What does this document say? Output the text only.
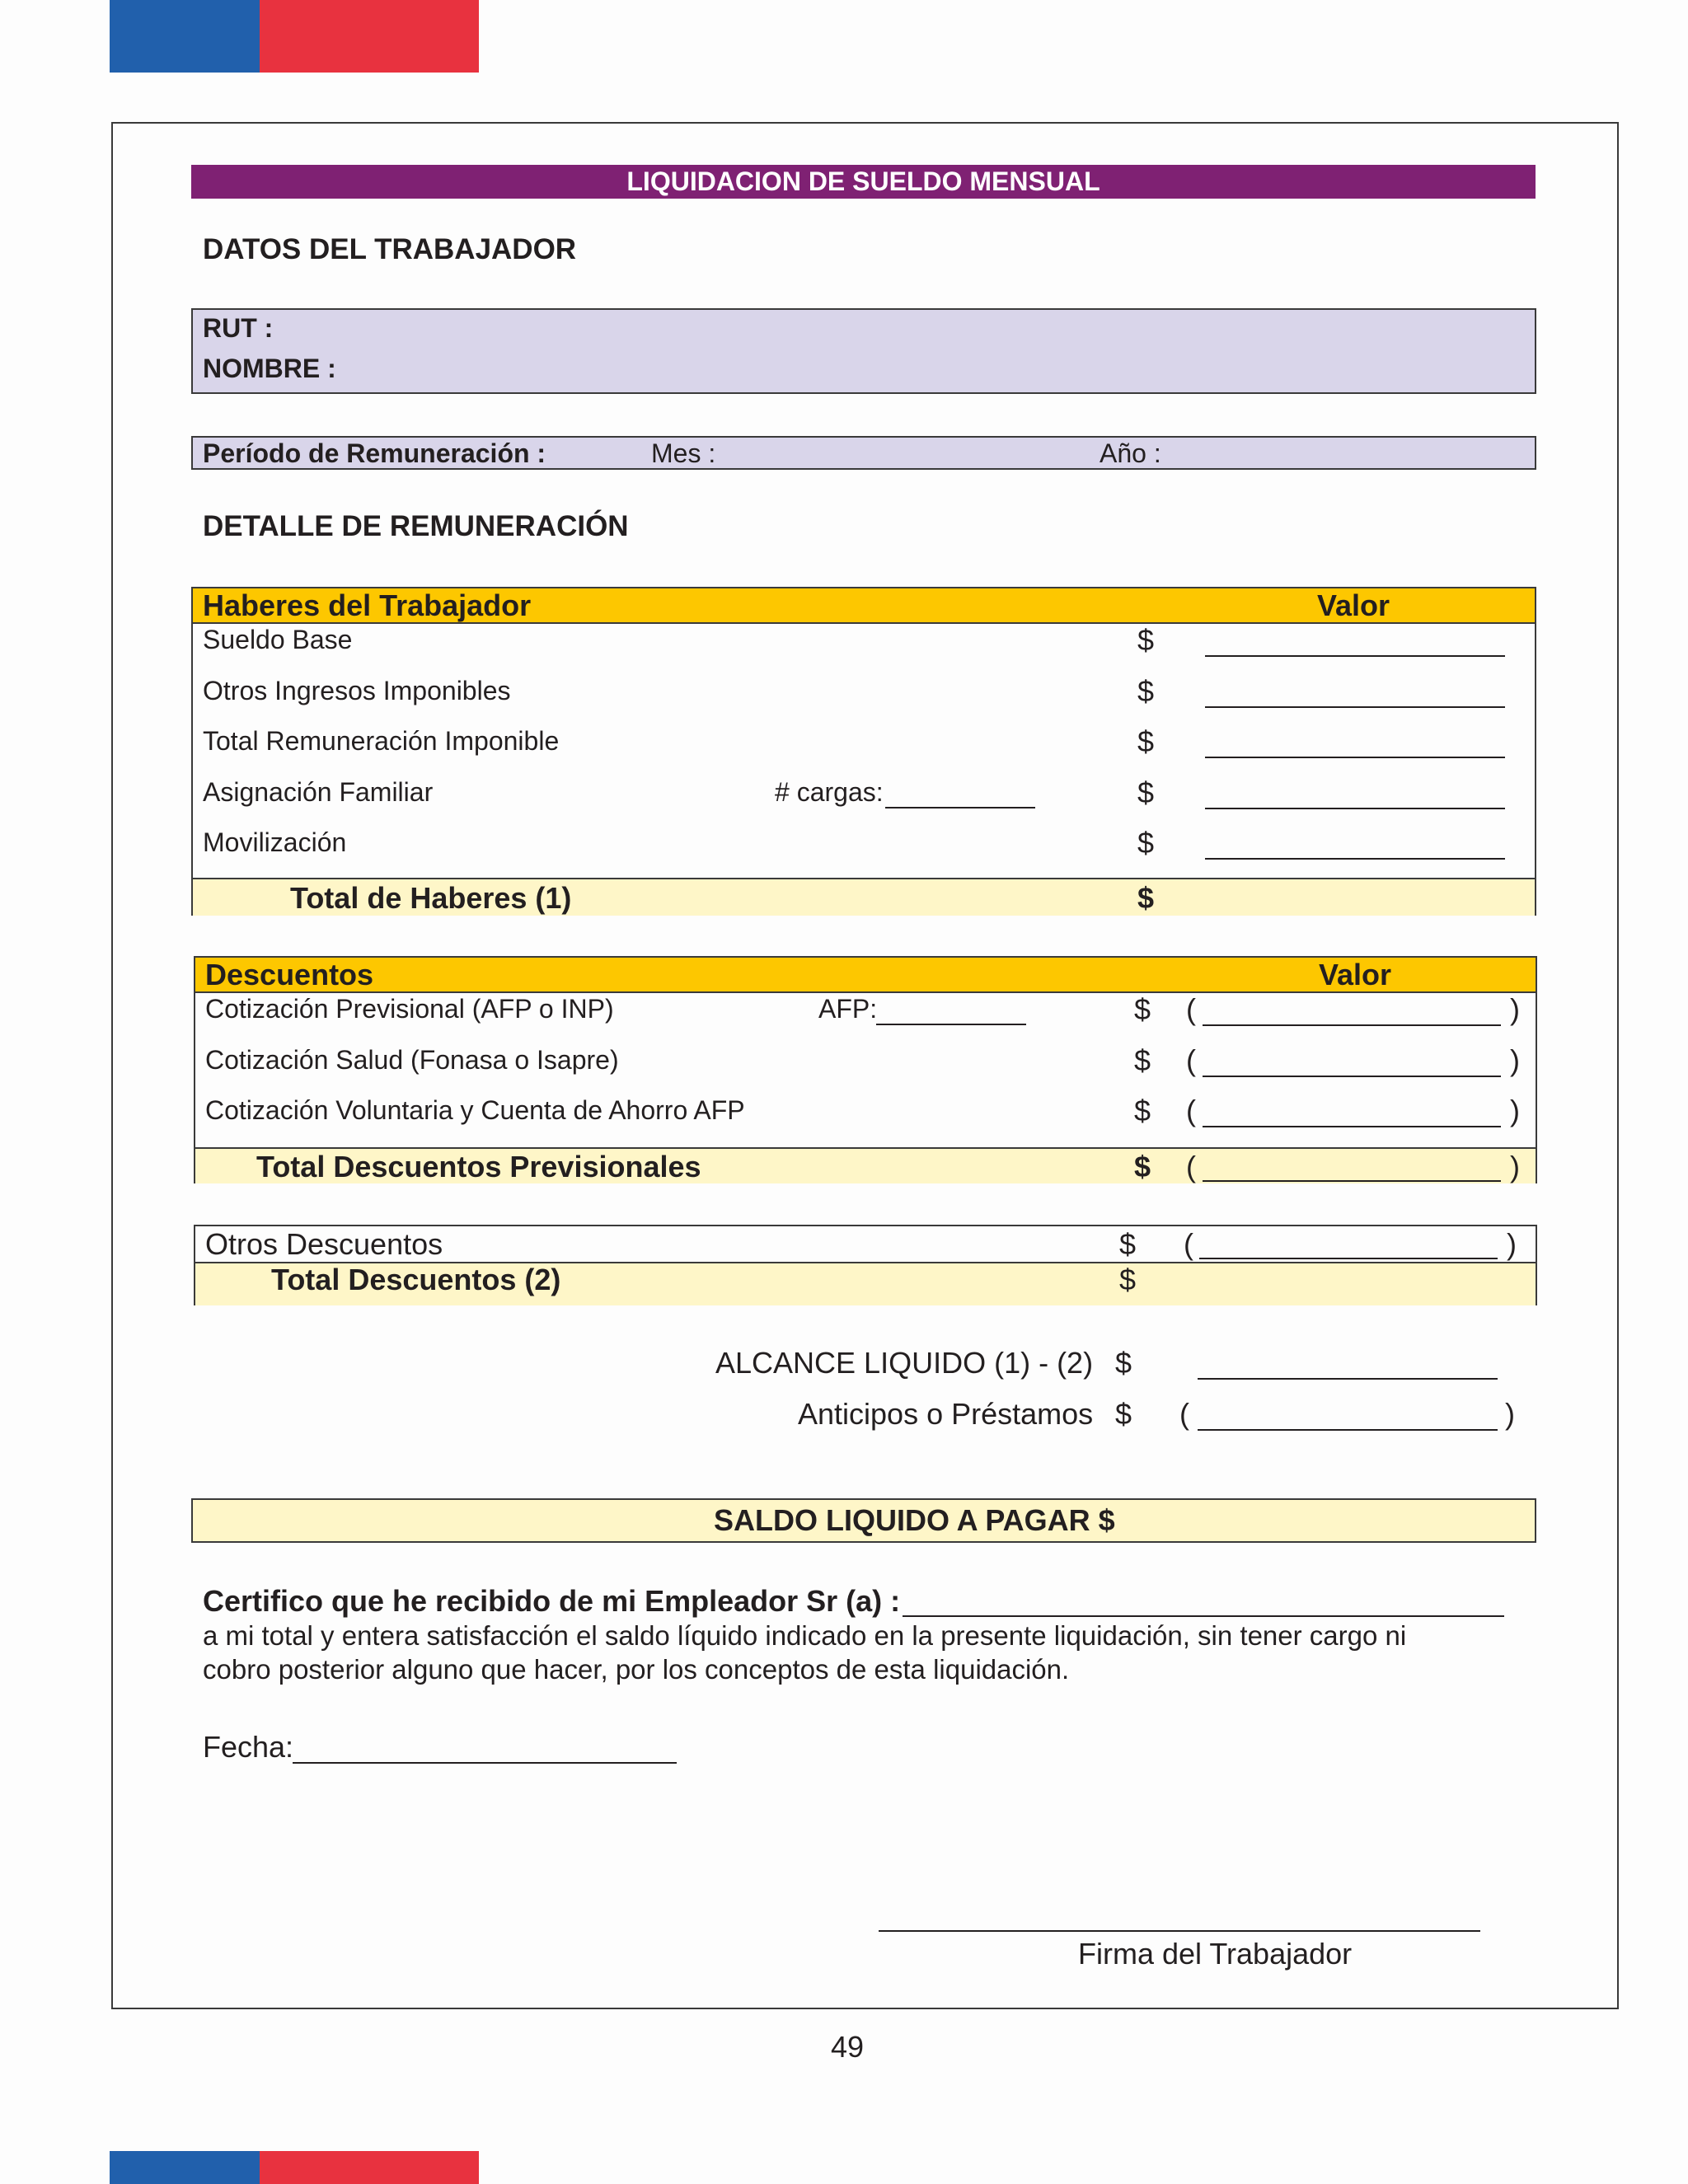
LIQUIDACION DE SUELDO MENSUAL
DATOS DEL TRABAJADOR
RUT :
NOMBRE :
Período de Remuneración :	Mes :	Año :
DETALLE DE REMUNERACIÓN
Haberes del Trabajador	Valor
Sueldo Base	$
Otros Ingresos Imponibles	$
Total Remuneración Imponible	$
Asignación Familiar	# cargas:	$
Movilización	$
Total de Haberes (1)	$
Descuentos	Valor
Cotización Previsional (AFP o INP)	AFP:	$ (	)
Cotización Salud (Fonasa o Isapre)	$ (	)
Cotización Voluntaria y Cuenta de Ahorro AFP	$ (	)
Total Descuentos Previsionales	$ (	)
Otros Descuentos	$ (	)
Total Descuentos (2)	$
ALCANCE LIQUIDO (1) - (2) $
Anticipos o Préstamos $ (	)
SALDO LIQUIDO A PAGAR $
Certifico que he recibido de mi Empleador Sr (a) :
a mi total y entera satisfacción el saldo líquido indicado en la presente liquidación, sin tener cargo ni
cobro posterior alguno que hacer, por los conceptos de esta liquidación.
Fecha:
Firma del Trabajador
49
